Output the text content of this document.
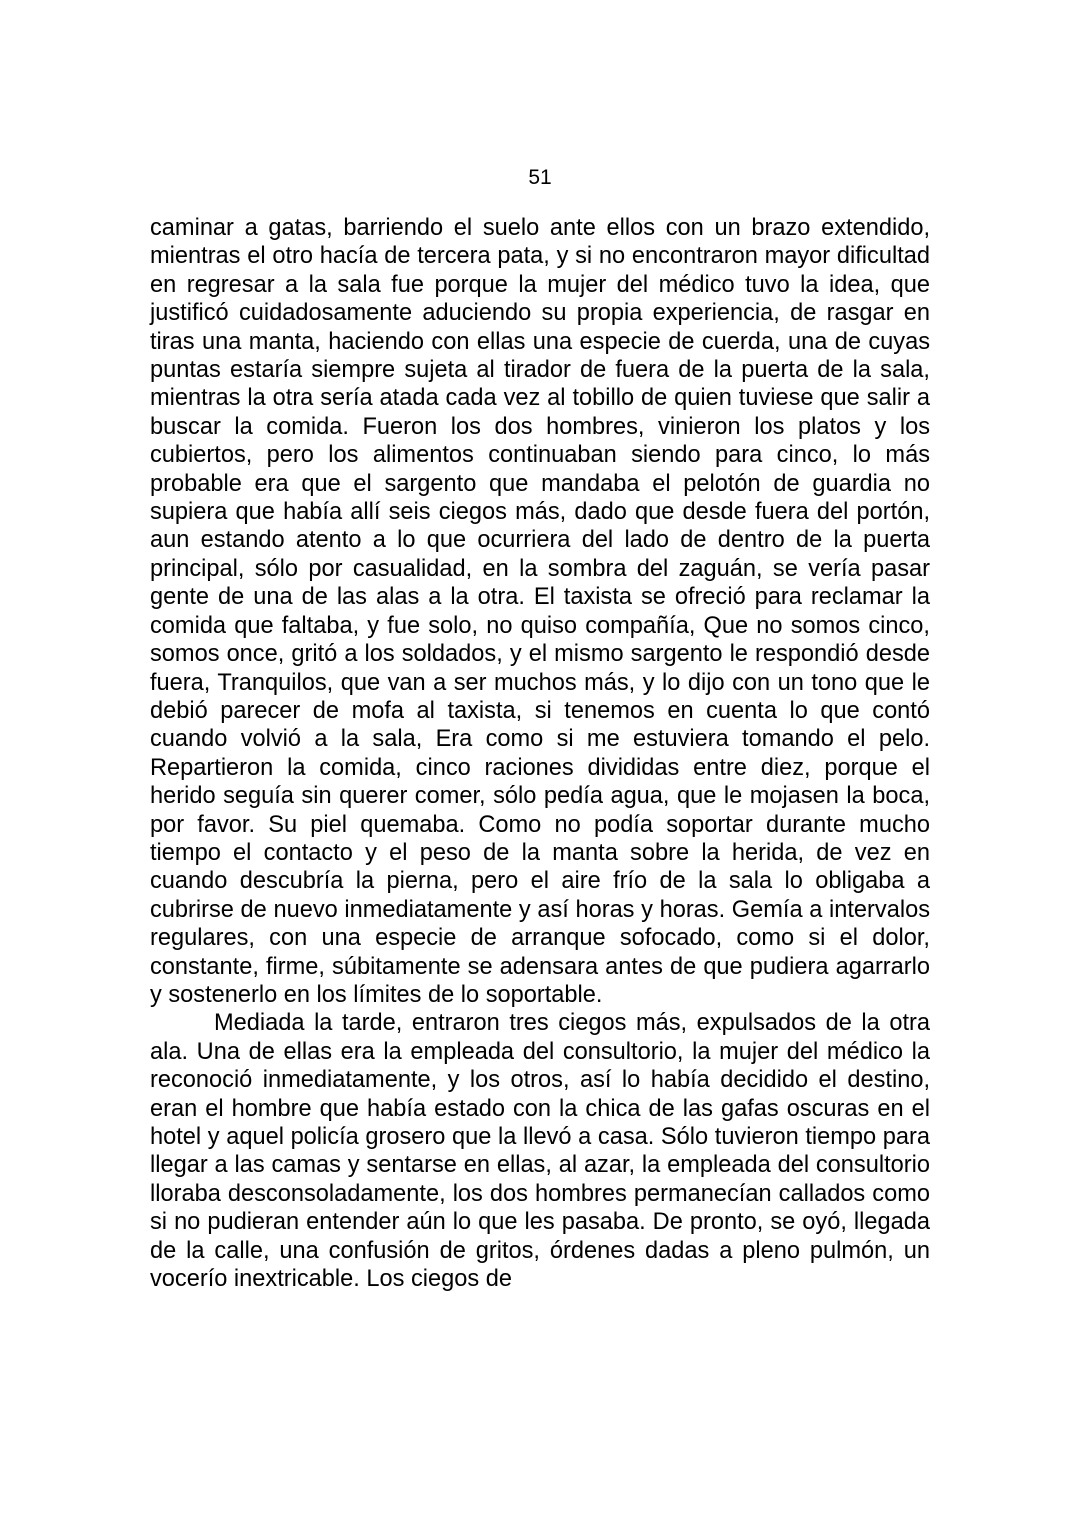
51

caminar a gatas, barriendo el suelo ante ellos con un brazo extendido, mientras el otro hacía de tercera pata, y si no encontraron mayor dificultad en regresar a la sala fue porque la mujer del médico tuvo la idea, que justificó cuidadosamente aduciendo su propia experiencia, de rasgar en tiras una manta, haciendo con ellas una especie de cuerda, una de cuyas puntas estaría siempre sujeta al tirador de fuera de la puerta de la sala, mientras la otra sería atada cada vez al tobillo de quien tuviese que salir a buscar la comida. Fueron los dos hombres, vinieron los platos y los cubiertos, pero los alimentos continuaban siendo para cinco, lo más probable era que el sargento que mandaba el pelotón de guardia no supiera que había allí seis ciegos más, dado que desde fuera del portón, aun estando atento a lo que ocurriera del lado de dentro de la puerta principal, sólo por casualidad, en la sombra del zaguán, se vería pasar gente de una de las alas a la otra. El taxista se ofreció para reclamar la comida que faltaba, y fue solo, no quiso compañía, Que no somos cinco, somos once, gritó a los soldados, y el mismo sargento le respondió desde fuera, Tranquilos, que van a ser muchos más, y lo dijo con un tono que le debió parecer de mofa al taxista, si tenemos en cuenta lo que contó cuando volvió a la sala, Era como si me estuviera tomando el pelo. Repartieron la comida, cinco raciones divididas entre diez, porque el herido seguía sin querer comer, sólo pedía agua, que le mojasen la boca, por favor. Su piel quemaba. Como no podía soportar durante mucho tiempo el contacto y el peso de la manta sobre la herida, de vez en cuando descubría la pierna, pero el aire frío de la sala lo obligaba a cubrirse de nuevo inmediatamente y así horas y horas. Gemía a intervalos regulares, con una especie de arranque sofocado, como si el dolor, constante, firme, súbitamente se adensara antes de que pudiera agarrarlo y sostenerlo en los límites de lo soportable.

Mediada la tarde, entraron tres ciegos más, expulsados de la otra ala. Una de ellas era la empleada del consultorio, la mujer del médico la reconoció inmediatamente, y los otros, así lo había decidido el destino, eran el hombre que había estado con la chica de las gafas oscuras en el hotel y aquel policía grosero que la llevó a casa. Sólo tuvieron tiempo para llegar a las camas y sentarse en ellas, al azar, la empleada del consultorio lloraba desconsoladamente, los dos hombres permanecían callados como si no pudieran entender aún lo que les pasaba. De pronto, se oyó, llegada de la calle, una confusión de gritos, órdenes dadas a pleno pulmón, un vocerío inextricable. Los ciegos de
